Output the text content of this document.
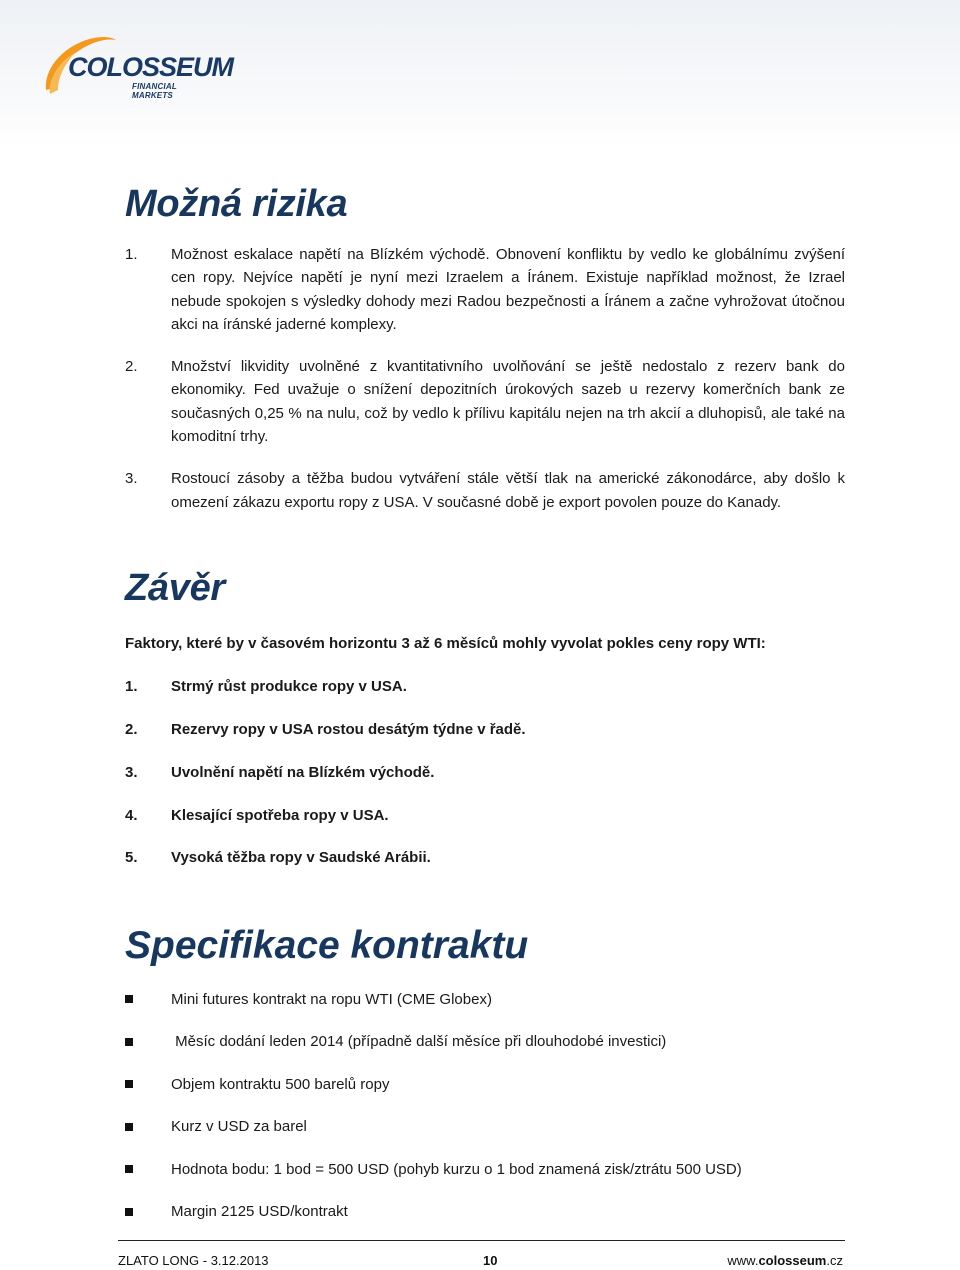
COLOSSEUM
FINANCIAL MARKETS
Možná rizika
1.	Možnost eskalace napětí na Blízkém východě. Obnovení konfliktu by vedlo ke globálnímu zvýšení cen ropy. Nejvíce napětí je nyní mezi Izraelem a Íránem. Existuje například možnost, že Izrael nebude spokojen s výsledky dohody mezi Radou bezpečnosti a Íránem a začne vyhrožovat útočnou akci na íránské jaderné komplexy.
2.	Množství likvidity uvolněné z kvantitativního uvolňování se ještě nedostalo z rezerv bank do ekonomiky. Fed uvažuje o snížení depozitních úrokových sazeb u rezervy komerčních bank ze současných 0,25 % na nulu, což by vedlo k přílivu kapitálu nejen na trh akcií a dluhopisů, ale také na komoditní trhy.
3.	Rostoucí zásoby a těžba budou vytváření stále větší tlak na americké zákonodárce, aby došlo k omezení zákazu exportu ropy z USA. V současné době je export povolen pouze do Kanady.
Závěr
Faktory, které by v časovém horizontu 3 až 6 měsíců mohly vyvolat pokles ceny ropy WTI:
1.	Strmý růst produkce ropy v USA.
2.	Rezervy ropy v USA rostou desátým týdne v řadě.
3.	Uvolnění napětí na Blízkém východě.
4.	Klesající spotřeba ropy v USA.
5.	Vysoká těžba ropy v Saudské Arábii.
Specifikace kontraktu
Mini futures kontrakt na ropu WTI (CME Globex)
Měsíc dodání leden 2014 (případně další měsíce při dlouhodobé investici)
Objem kontraktu 500 barelů ropy
Kurz v USD za barel
Hodnota bodu: 1 bod = 500 USD (pohyb kurzu o 1 bod znamená zisk/ztrátu 500 USD)
Margin 2125 USD/kontrakt
ZLATO LONG - 3.12.2013	10	www.colosseum.cz
